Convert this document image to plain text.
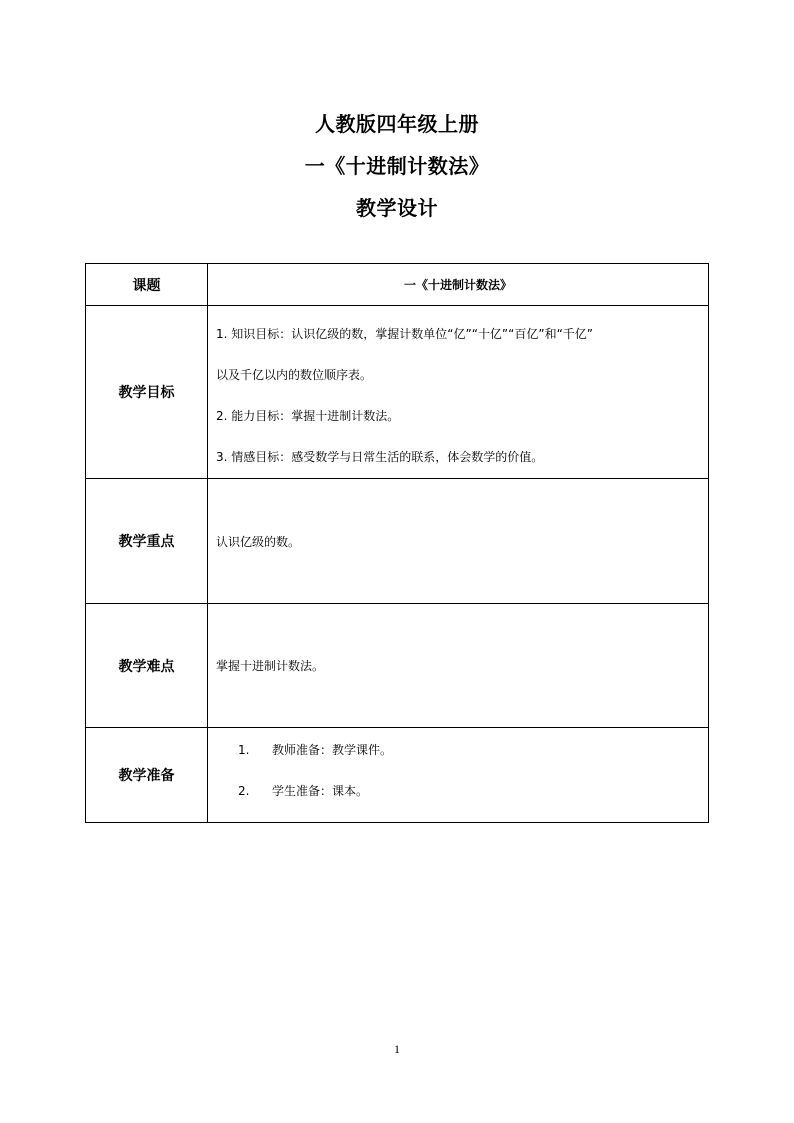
人教版四年级上册
一《十进制计数法》
教学设计
课题	一《十进制计数法》
教学目标	1. 知识目标：认识亿级的数，掌握计数单位“亿”“十亿”“百亿”和“千亿”
以及千亿以内的数位顺序表。
2. 能力目标：掌握十进制计数法。
3. 情感目标：感受数学与日常生活的联系，体会数学的价值。

教学重点	认识亿级的数。

教学难点	掌握十进制计数法。

教学准备	1. 教师准备：教学课件。
2. 学生准备：课本。
1
